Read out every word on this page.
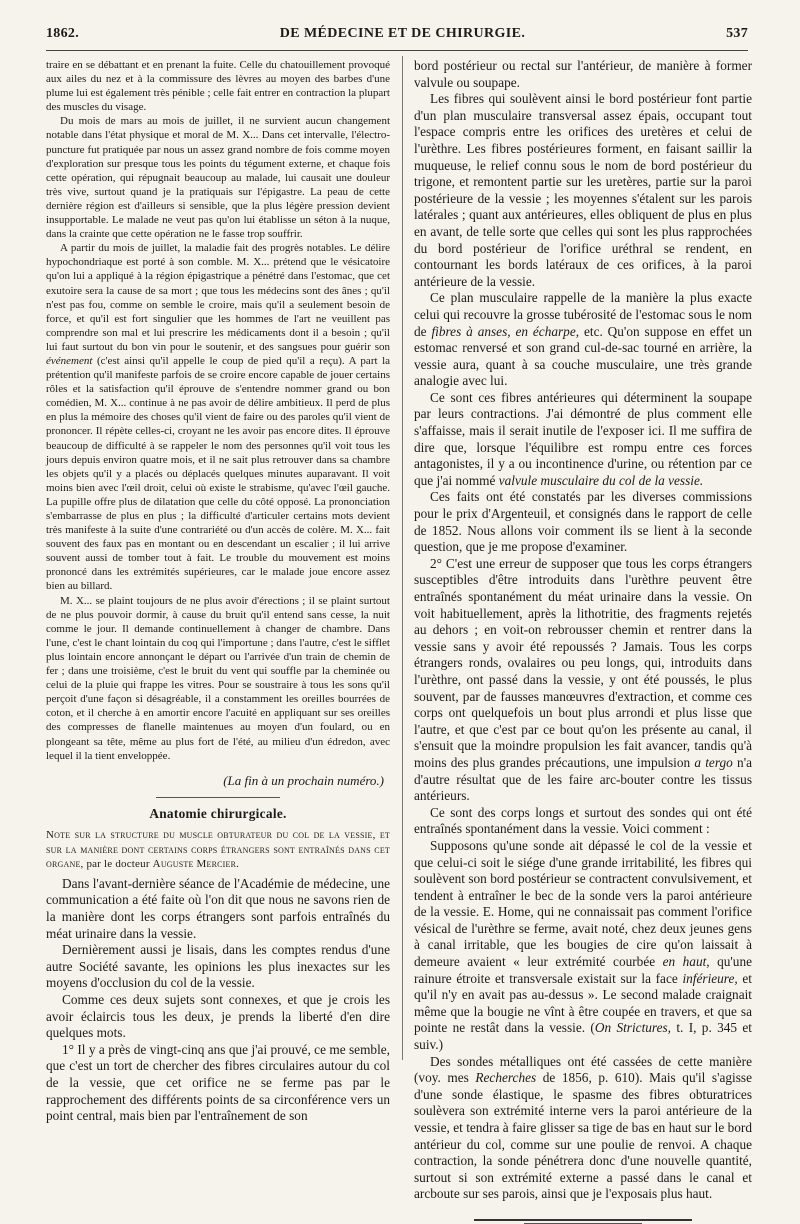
1862.	DE MÉDECINE ET DE CHIRURGIE.	537

traire en se débattant et en prenant la fuite. Celle du chatouillement provoqué aux ailes du nez et à la commissure des lèvres au moyen des barbes d'une plume lui est également très pénible ; celle fait entrer en contraction la plupart des muscles du visage.

Du mois de mars au mois de juillet, il ne survient aucun changement notable dans l'état physique et moral de M. X... Dans cet intervalle, l'électro-puncture fut pratiquée par nous un assez grand nombre de fois comme moyen d'exploration sur presque tous les points du tégument externe, et chaque fois cette opération, qui répugnait beaucoup au malade, lui causait une douleur très vive, surtout quand je la pratiquais sur l'épigastre. La peau de cette dernière région est d'ailleurs si sensible, que la plus légère pression devient insupportable. Le malade ne veut pas qu'on lui établisse un séton à la nuque, dans la crainte que cette opération ne le fasse trop souffrir.

A partir du mois de juillet, la maladie fait des progrès notables. Le délire hypochondriaque est porté à son comble. M. X... prétend que le vésicatoire qu'on lui a appliqué à la région épigastrique a pénétré dans l'estomac, que cet exutoire sera la cause de sa mort ; que tous les médecins sont des ânes ; qu'il n'est pas fou, comme on semble le croire, mais qu'il a seulement besoin de force, et qu'il est fort singulier que les hommes de l'art ne veuillent pas comprendre son mal et lui prescrire les médicaments dont il a besoin ; qu'il lui faut surtout du bon vin pour le soutenir, et des sangsues pour guérir son événement (c'est ainsi qu'il appelle le coup de pied qu'il a reçu). A part la prétention qu'il manifeste parfois de se croire encore capable de jouer certains rôles et la satisfaction qu'il éprouve de s'entendre nommer grand ou bon comédien, M. X... continue à ne pas avoir de délire ambitieux. Il perd de plus en plus la mémoire des choses qu'il vient de faire ou des paroles qu'il vient de prononcer. Il répète celles-ci, croyant ne les avoir pas encore dites. Il éprouve beaucoup de difficulté à se rappeler le nom des personnes qu'il voit tous les jours depuis environ quatre mois, et il ne sait plus retrouver dans sa chambre les objets qu'il y a placés ou déplacés quelques minutes auparavant. Il voit moins bien avec l'œil droit, celui où existe le strabisme, qu'avec l'œil gauche. La pupille offre plus de dilatation que celle du côté opposé. La prononciation s'embarrasse de plus en plus ; la difficulté d'articuler certains mots devient très manifeste à la suite d'une contrariété ou d'un accès de colère. M. X... fait souvent des faux pas en montant ou en descendant un escalier ; il lui arrive souvent aussi de tomber tout à fait. Le trouble du mouvement est moins prononcé dans les extrémités supérieures, car le malade joue encore assez bien au billard.

M. X... se plaint toujours de ne plus avoir d'érections ; il se plaint surtout de ne plus pouvoir dormir, à cause du bruit qu'il entend sans cesse, la nuit comme le jour. Il demande continuellement à changer de chambre. Dans l'une, c'est le chant lointain du coq qui l'importune ; dans l'autre, c'est le sifflet plus lointain encore annonçant le départ ou l'arrivée d'un train de chemin de fer ; dans une troisième, c'est le bruit du vent qui souffle par la cheminée ou celui de la pluie qui frappe les vitres. Pour se soustraire à tous les sons qu'il perçoit d'une façon si désagréable, il a constamment les oreilles bourrées de coton, et il cherche à en amortir encore l'acuité en appliquant sur ses oreilles des compresses de flanelle maintenues au moyen d'un foulard, ou en plongeant sa tête, même au plus fort de l'été, au milieu d'un édredon, avec lequel il la tient enveloppée.

(La fin à un prochain numéro.)

Anatomie chirurgicale.

Note sur la structure du muscle obturateur du col de la vessie, et sur la manière dont certains corps étrangers sont entraînés dans cet organe, par le docteur Auguste Mercier.

Dans l'avant-dernière séance de l'Académie de médecine, une communication a été faite où l'on dit que nous ne savons rien de la manière dont les corps étrangers sont parfois entraînés du méat urinaire dans la vessie.

Dernièrement aussi je lisais, dans les comptes rendus d'une autre Société savante, les opinions les plus inexactes sur les moyens d'occlusion du col de la vessie.

Comme ces deux sujets sont connexes, et que je crois les avoir éclaircis tous les deux, je prends la liberté d'en dire quelques mots.

1° Il y a près de vingt-cinq ans que j'ai prouvé, ce me semble, que c'est un tort de chercher des fibres circulaires autour du col de la vessie, que cet orifice ne se ferme pas par le rapprochement des différents points de sa circonférence vers un point central, mais bien par l'entraînement de son

bord postérieur ou rectal sur l'antérieur, de manière à former valvule ou soupape.

Les fibres qui soulèvent ainsi le bord postérieur font partie d'un plan musculaire transversal assez épais, occupant tout l'espace compris entre les orifices des uretères et celui de l'urèthre. Les fibres postérieures forment, en faisant saillir la muqueuse, le relief connu sous le nom de bord postérieur du trigone, et remontent partie sur les uretères, partie sur la paroi postérieure de la vessie ; les moyennes s'étalent sur les parois latérales ; quant aux antérieures, elles obliquent de plus en plus en avant, de telle sorte que celles qui sont les plus rapprochées du bord postérieur de l'orifice uréthral se rendent, en contournant les bords latéraux de ces orifices, à la paroi antérieure de la vessie.

Ce plan musculaire rappelle de la manière la plus exacte celui qui recouvre la grosse tubérosité de l'estomac sous le nom de fibres à anses, en écharpe, etc. Qu'on suppose en effet un estomac renversé et son grand cul-de-sac tourné en arrière, la vessie aura, quant à sa couche musculaire, une très grande analogie avec lui.

Ce sont ces fibres antérieures qui déterminent la soupape par leurs contractions. J'ai démontré de plus comment elle s'affaisse, mais il serait inutile de l'exposer ici. Il me suffira de dire que, lorsque l'équilibre est rompu entre ces forces antagonistes, il y a ou incontinence d'urine, ou rétention par ce que j'ai nommé valvule musculaire du col de la vessie.

Ces faits ont été constatés par les diverses commissions pour le prix d'Argenteuil, et consignés dans le rapport de celle de 1852. Nous allons voir comment ils se lient à la seconde question, que je me propose d'examiner.

2° C'est une erreur de supposer que tous les corps étrangers susceptibles d'être introduits dans l'urèthre peuvent être entraînés spontanément du méat urinaire dans la vessie. On voit habituellement, après la lithotritie, des fragments rejetés au dehors ; en voit-on rebrousser chemin et rentrer dans la vessie sans y avoir été repoussés ? Jamais. Tous les corps étrangers ronds, ovalaires ou peu longs, qui, introduits dans l'urèthre, ont passé dans la vessie, y ont été poussés, le plus souvent, par de fausses manœuvres d'extraction, et comme ces corps ont quelquefois un bout plus arrondi et plus lisse que l'autre, et que c'est par ce bout qu'on les présente au canal, il s'ensuit que la moindre propulsion les fait avancer, tandis qu'à moins des plus grandes précautions, une impulsion a tergo n'a d'autre résultat que de les faire arc-bouter contre les tissus antérieurs.

Ce sont des corps longs et surtout des sondes qui ont été entraînés spontanément dans la vessie. Voici comment :

Supposons qu'une sonde ait dépassé le col de la vessie et que celui-ci soit le siége d'une grande irritabilité, les fibres qui soulèvent son bord postérieur se contractent convulsivement, et tendent à entraîner le bec de la sonde vers la paroi antérieure de la vessie. E. Home, qui ne connaissait pas comment l'orifice vésical de l'urèthre se ferme, avait noté, chez deux jeunes gens à canal irritable, que les bougies de cire qu'on laissait à demeure avaient « leur extrémité courbée en haut, qu'une rainure étroite et transversale existait sur la face inférieure, et qu'il n'y en avait pas au-dessus ». Le second malade craignait même que la bougie ne vînt à être coupée en travers, et que sa pointe ne restât dans la vessie. (On Strictures, t. I, p. 345 et suiv.)

Des sondes métalliques ont été cassées de cette manière (voy. mes Recherches de 1856, p. 610). Mais qu'il s'agisse d'une sonde élastique, le spasme des fibres obturatrices soulèvera son extrémité interne vers la paroi antérieure de la vessie, et tendra à faire glisser sa tige de bas en haut sur le bord antérieur du col, comme sur une poulie de renvoi. A chaque contraction, la sonde pénétrera donc d'une nouvelle quantité, surtout si son extrémité externe a passé dans le canal et arcboute sur ses parois, ainsi que je l'exposais plus haut.
